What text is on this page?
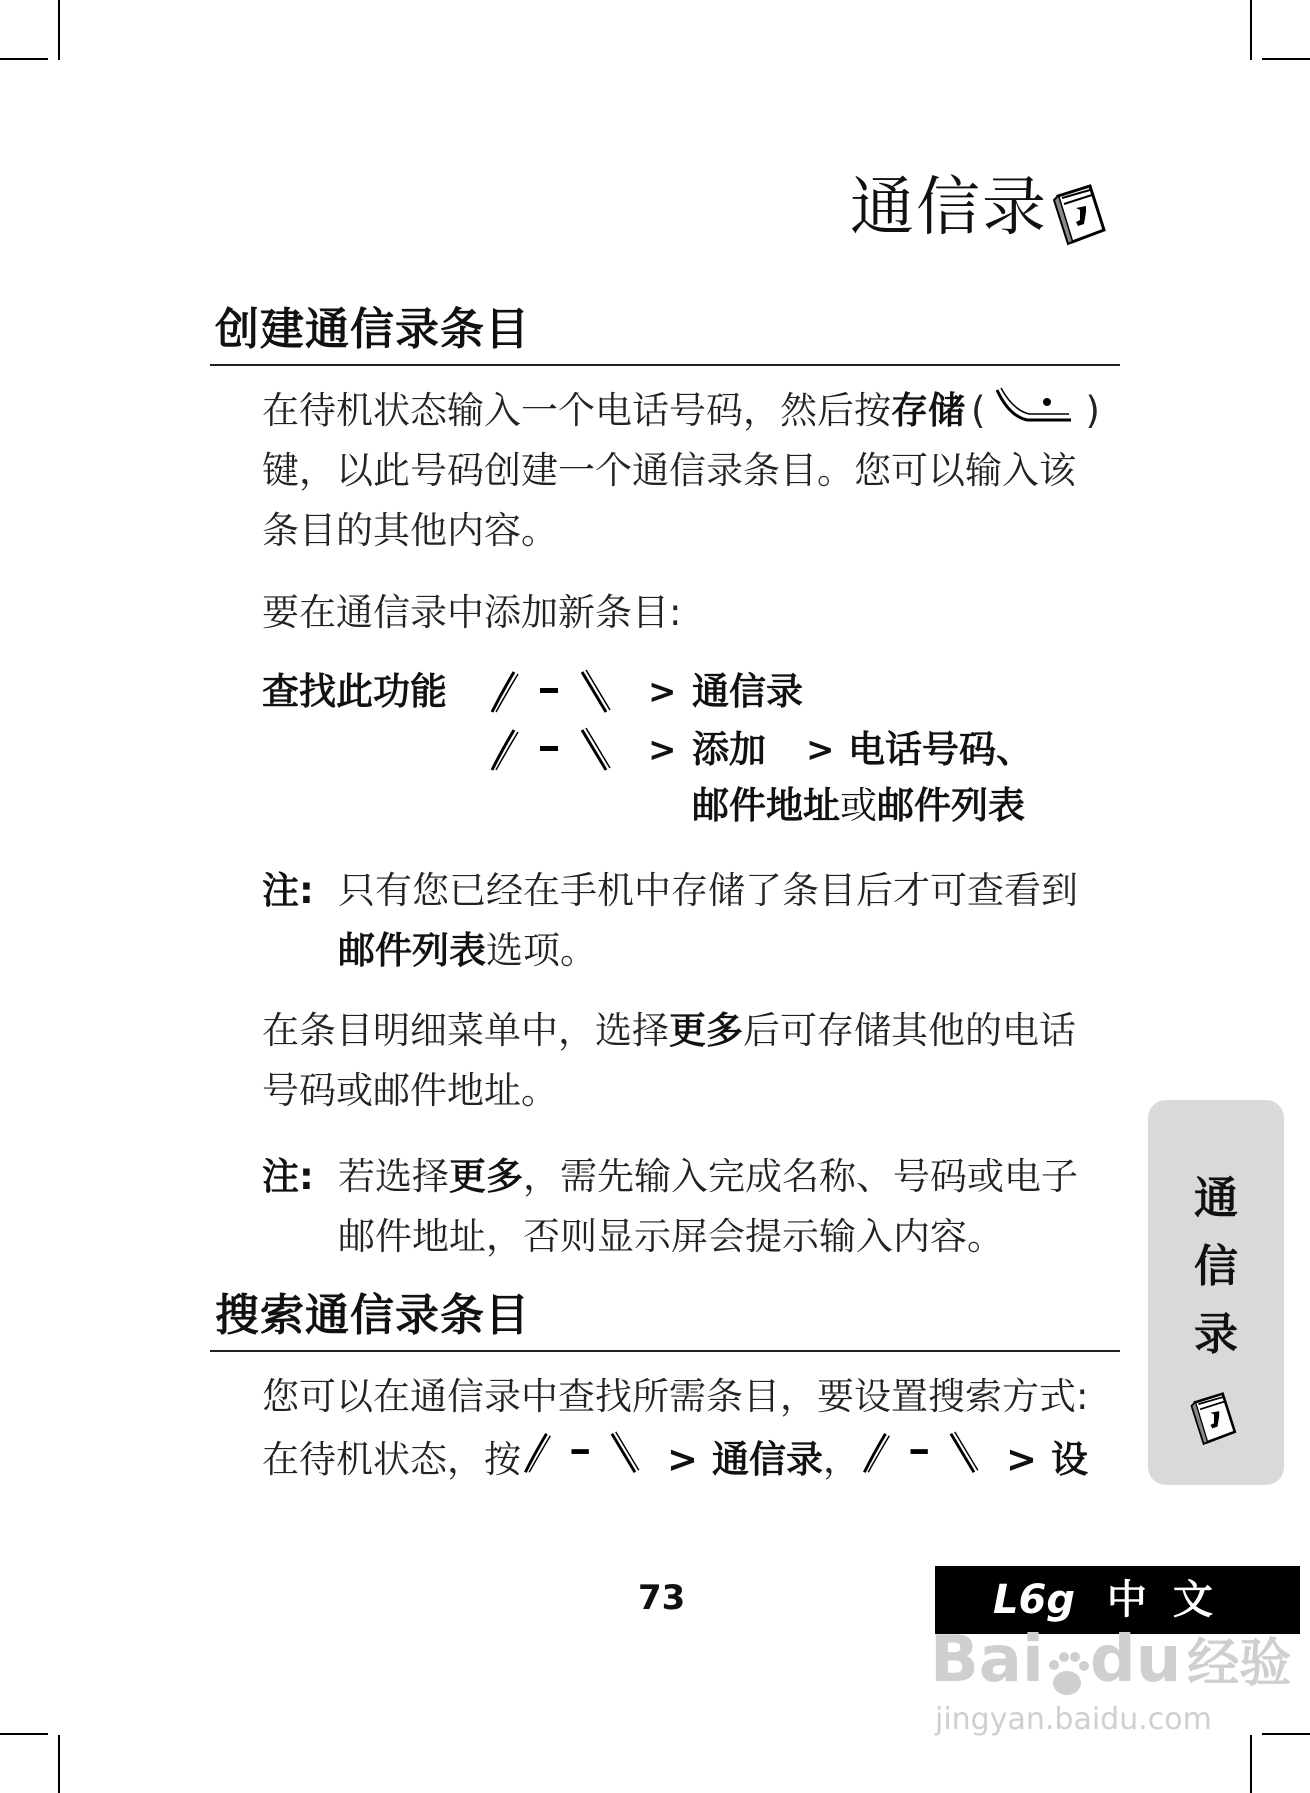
通信录
创建通信录条目
在待机状态输入一个电话号码，然后按存储 (	)
键，以此号码创建一个通信录条目。您可以输入该
条目的其他内容。
要在通信录中添加新条目:
查找此功能	> 通信录
> 添加 > 电话号码、
邮件地址或邮件列表
注: 只有您已经在手机中存储了条目后才可查看到
邮件列表选项。
在条目明细菜单中，选择更多后可存储其他的电话
号码或邮件地址。
注: 若选择更多，需先输入完成名称、号码或电子
邮件地址，否则显示屏会提示输入内容。
搜索通信录条目
您可以在通信录中查找所需条目，要设置搜索方式:
在待机状态，按	> 通信录，	> 设
通
信
录
73	L6g 中 文
Bai du 经验
jingyan.baidu.com
